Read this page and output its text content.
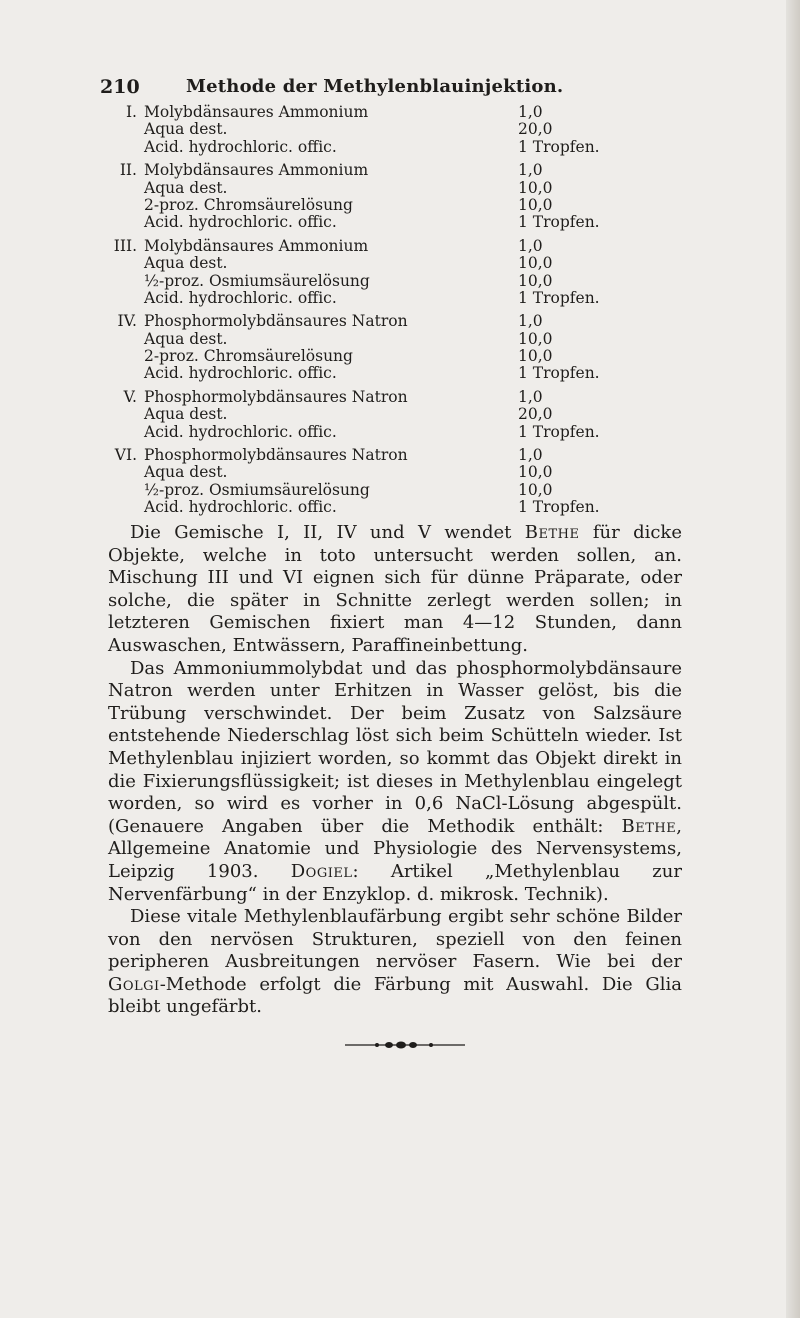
210	Methode der Methylenblauinjektion.
I. Molybdänsaures Ammonium	1,0
Aqua dest.	20,0
Acid. hydrochloric. offic.	1 Tropfen.
II. Molybdänsaures Ammonium	1,0
Aqua dest.	10,0
2-proz. Chromsäurelösung	10,0
Acid. hydrochloric. offic.	1 Tropfen.
III. Molybdänsaures Ammonium	1,0
Aqua dest.	10,0
½-proz. Osmiumsäurelösung	10,0
Acid. hydrochloric. offic.	1 Tropfen.
IV. Phosphormolybdänsaures Natron	1,0
Aqua dest.	10,0
2-proz. Chromsäurelösung	10,0
Acid. hydrochloric. offic.	1 Tropfen.
V. Phosphormolybdänsaures Natron	1,0
Aqua dest.	20,0
Acid. hydrochloric. offic.	1 Tropfen.
VI. Phosphormolybdänsaures Natron	1,0
Aqua dest.	10,0
½-proz. Osmiumsäurelösung	10,0
Acid. hydrochloric. offic.	1 Tropfen.

Die Gemische I, II, IV und V wendet Bethe für dicke Objekte, welche in toto untersucht werden sollen, an. Mischung III und VI eignen sich für dünne Präparate, oder solche, die später in Schnitte zerlegt werden sollen; in letzteren Gemischen fixiert man 4—12 Stunden, dann Auswaschen, Entwässern, Paraffineinbettung.

Das Ammoniummolybdat und das phosphormolybdänsaure Natron werden unter Erhitzen in Wasser gelöst, bis die Trübung verschwindet. Der beim Zusatz von Salzsäure entstehende Niederschlag löst sich beim Schütteln wieder. Ist Methylenblau injiziert worden, so kommt das Objekt direkt in die Fixierungsflüssigkeit; ist dieses in Methylenblau eingelegt worden, so wird es vorher in 0,6 NaCl-Lösung abgespült. (Genauere Angaben über die Methodik enthält: Bethe, Allgemeine Anatomie und Physiologie des Nervensystems, Leipzig 1903. Dogiel: Artikel „Methylenblau zur Nervenfärbung“ in der Enzyklop. d. mikrosk. Technik).

Diese vitale Methylenblaufärbung ergibt sehr schöne Bilder von den nervösen Strukturen, speziell von den feinen peripheren Ausbreitungen nervöser Fasern. Wie bei der Golgi-Methode erfolgt die Färbung mit Auswahl. Die Glia bleibt ungefärbt.
